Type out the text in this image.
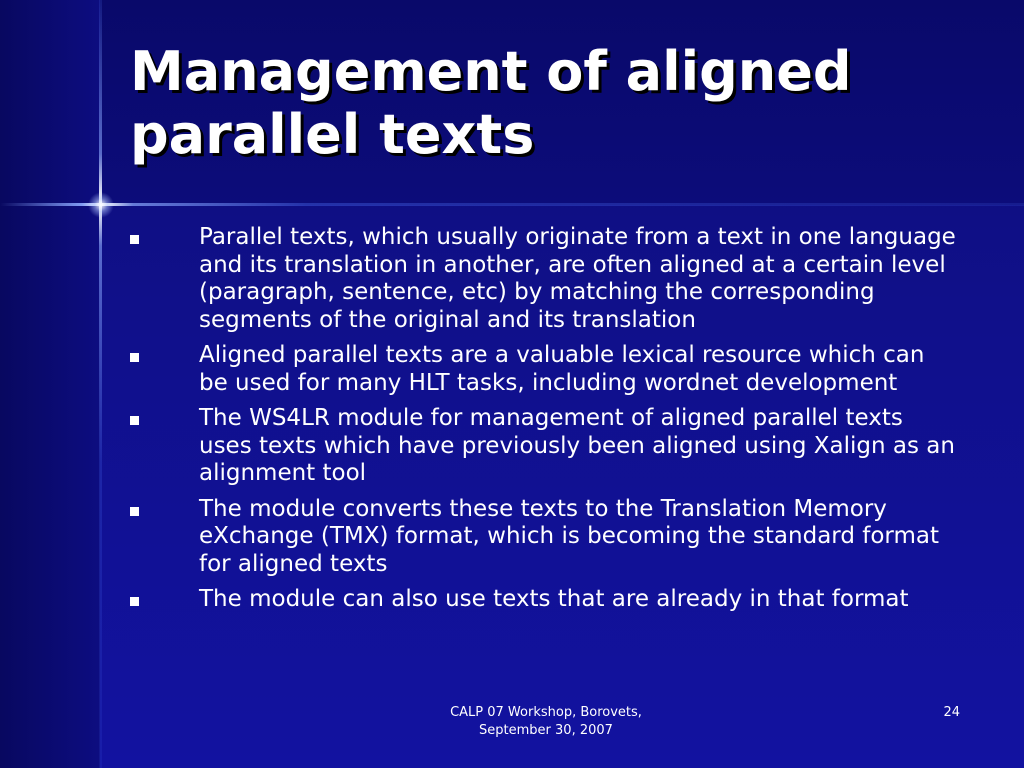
Management of aligned parallel texts
Parallel texts, which usually originate from a text in one language and its translation in another, are often aligned at a certain level (paragraph, sentence, etc) by matching the corresponding segments of the original and its translation
Aligned parallel texts are a valuable lexical resource which can be used for many HLT tasks, including wordnet development
The WS4LR module for management of aligned parallel texts uses texts which have previously been aligned using Xalign as an alignment tool
The module converts these texts to the Translation Memory eXchange (TMX) format, which is becoming the standard format for aligned texts
The module can also use texts that are already in that format
CALP 07 Workshop, Borovets,
September 30, 2007
24
